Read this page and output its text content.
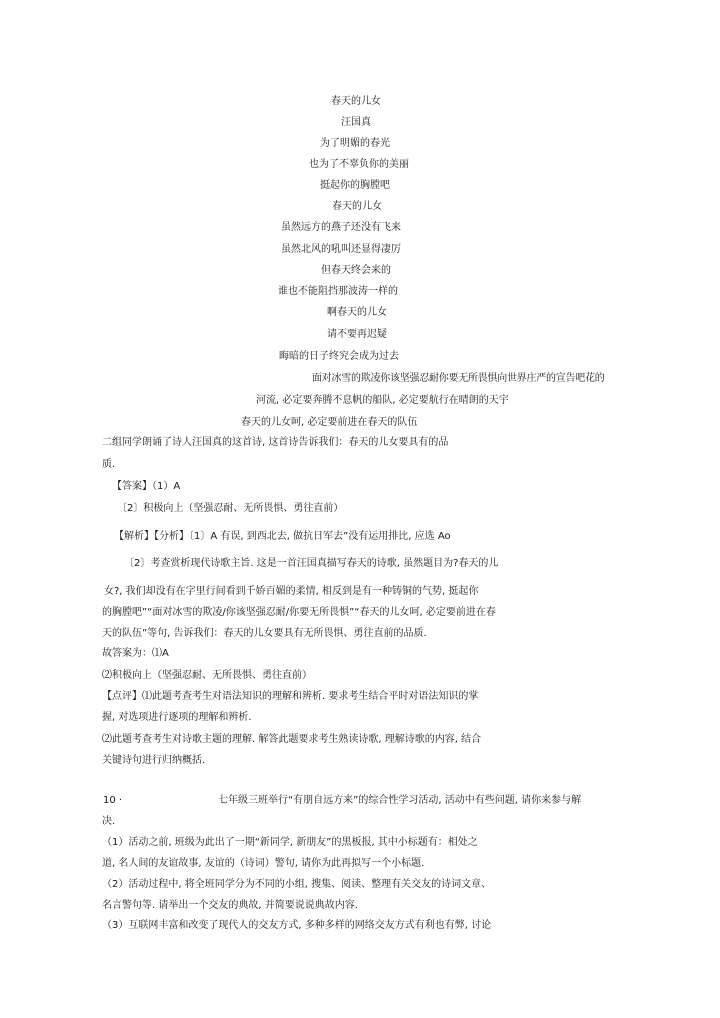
春天的儿女
汪国真
为了明媚的春光
也为了不辜负你的美丽
挺起你的胸膛吧
春天的儿女
虽然远方的燕子还没有飞来
虽然北风的吼叫还显得凄厉
但春天终会来的
谁也不能阻挡那波涛一样的
啊春天的儿女
请不要再迟疑
晦暗的日子终究会成为过去
面对冰雪的欺凌你该坚强忍耐你要无所畏惧向世界庄严的宣告吧花的
河流, 必定要奔腾不息帆的船队, 必定要航行在晴朗的天宇
春天的儿女呵, 必定要前进在春天的队伍
二组同学朗诵了诗人汪国真的这首诗, 这首诗告诉我们：春天的儿女要具有的品
质.
【答案】（1）A
〔2〕积极向上（坚强忍耐、无所畏惧、勇往直前）
【解析】【分析】〔1〕A 有误, 到西北去, 做抗日军去”没有运用排比, 应选 Ao
〔2〕考查赏析现代诗歌主旨. 这是一首汪国真描写春天的诗歌, 虽然题目为?春天的儿
女?, 我们却没有在字里行间看到千娇百媚的柔情, 相反到是有一种铸铜的气势, 挺起你
的胸膛吧”“面对冰雪的欺凌/你该坚强忍耐/你要无所畏惧”“春天的儿女呵, 必定要前进在春
天的队伍”等句, 告诉我们：春天的儿女要具有无所畏惧、勇往直前的品质.
故答案为：⑴A
⑵积极向上（坚强忍耐、无所畏惧、勇往直前）
【点评】⑴此题考查考生对语法知识的理解和辨析. 要求考生结合平时对语法知识的掌
握, 对选项进行逐项的理解和辨析.
⑵此题考查考生对诗歌主题的理解. 解答此题要求考生熟读诗歌, 理解诗歌的内容, 结合
关键诗句进行归纳概括.
10 ·	七年级三班举行“有朋自远方来”的综合性学习活动, 活动中有些问题, 请你来参与解
决.
（1）活动之前, 班级为此出了一期“新同学, 新朋友”的黑板报, 其中小标题有：相处之
道, 名人间的友谊故事, 友谊的（诗词）警句, 请你为此再拟写一个小标题.
（2）活动过程中, 将全班同学分为不同的小组, 搜集、阅读、整理有关交友的诗词文章、
名言警句等. 请举出一个交友的典故, 并简要说说典故内容.
（3）互联网丰富和改变了现代人的交友方式, 多种多样的网络交友方式有利也有弊, 讨论
